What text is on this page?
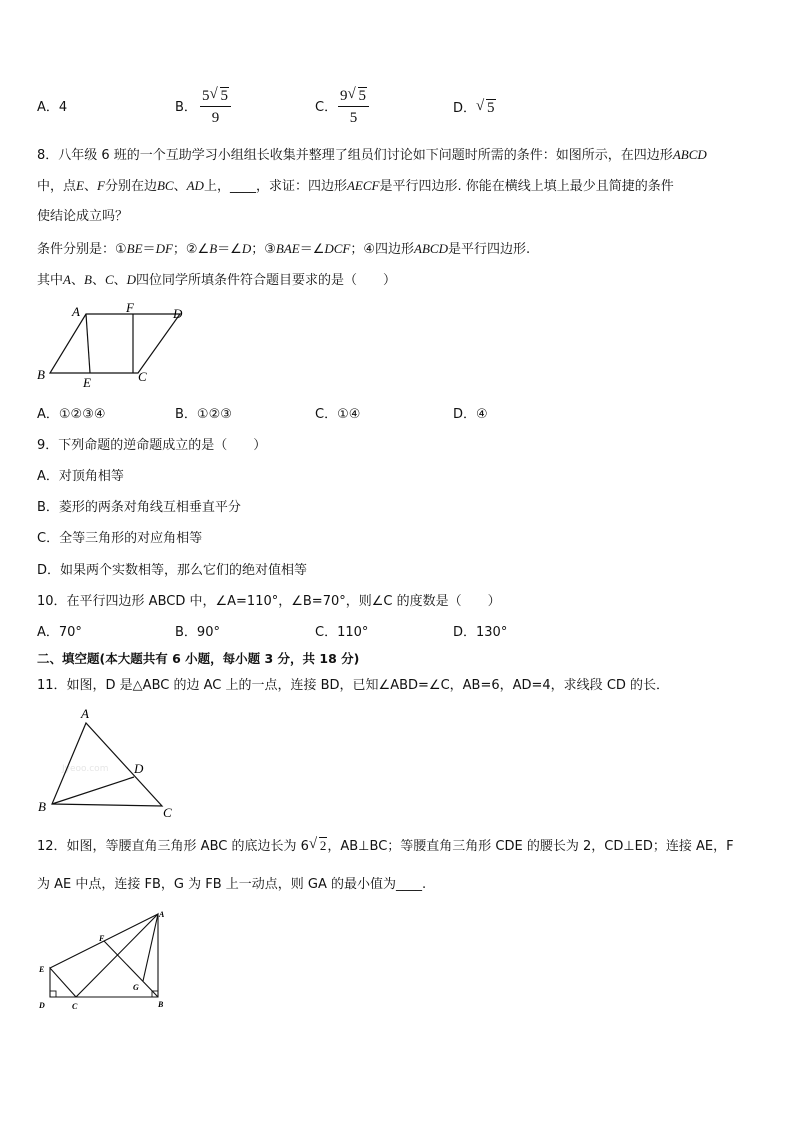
A．4	B．
5 √ 5
9
C．
9 √ 5
5
D． √ 5
8．八年级 6 班的一个互助学习小组组长收集并整理了组员们讨论如下问题时所需的条件：如图所示，在四边形ABCD
中，点E、F分别在边BC、AD上，____，求证：四边形AECF是平行四边形. 你能在横线上填上最少且简捷的条件
使结论成立吗？
条件分别是：①BE＝DF；②∠B＝∠D；③BAE＝∠DCF；④四边形ABCD是平行四边形.
其中A、B、C、D四位同学所填条件符合题目要求的是（　　）
A	F	D
B
E	C
A．①②③④	B．①②③	C．①④	D．④
9．下列命题的逆命题成立的是（　　）
A．对顶角相等
B．菱形的两条对角线互相垂直平分
C．全等三角形的对应角相等
D．如果两个实数相等，那么它们的绝对值相等
10．在平行四边形 ABCD 中，∠A=110°，∠B=70°，则∠C 的度数是（　　）
A．70°	B．90°	C．110°	D．130°
二、填空题(本大题共有 6 小题，每小题 3 分，共 18 分)
11．如图，D 是△ABC 的边 AC 上的一点，连接 BD，已知∠ABD=∠C，AB=6，AD=4，求线段 CD 的长．
Jyeoo.com
A
D
B	C
12．如图，等腰直角三角形 ABC 的底边长为 6 √ 2，AB⊥BC；等腰直角三角形 CDE 的腰长为 2，CD⊥ED；连接 AE，F
为 AE 中点，连接 FB，G 为 FB 上一动点，则 GA 的最小值为____.
A
F
E
G
D	C	B
